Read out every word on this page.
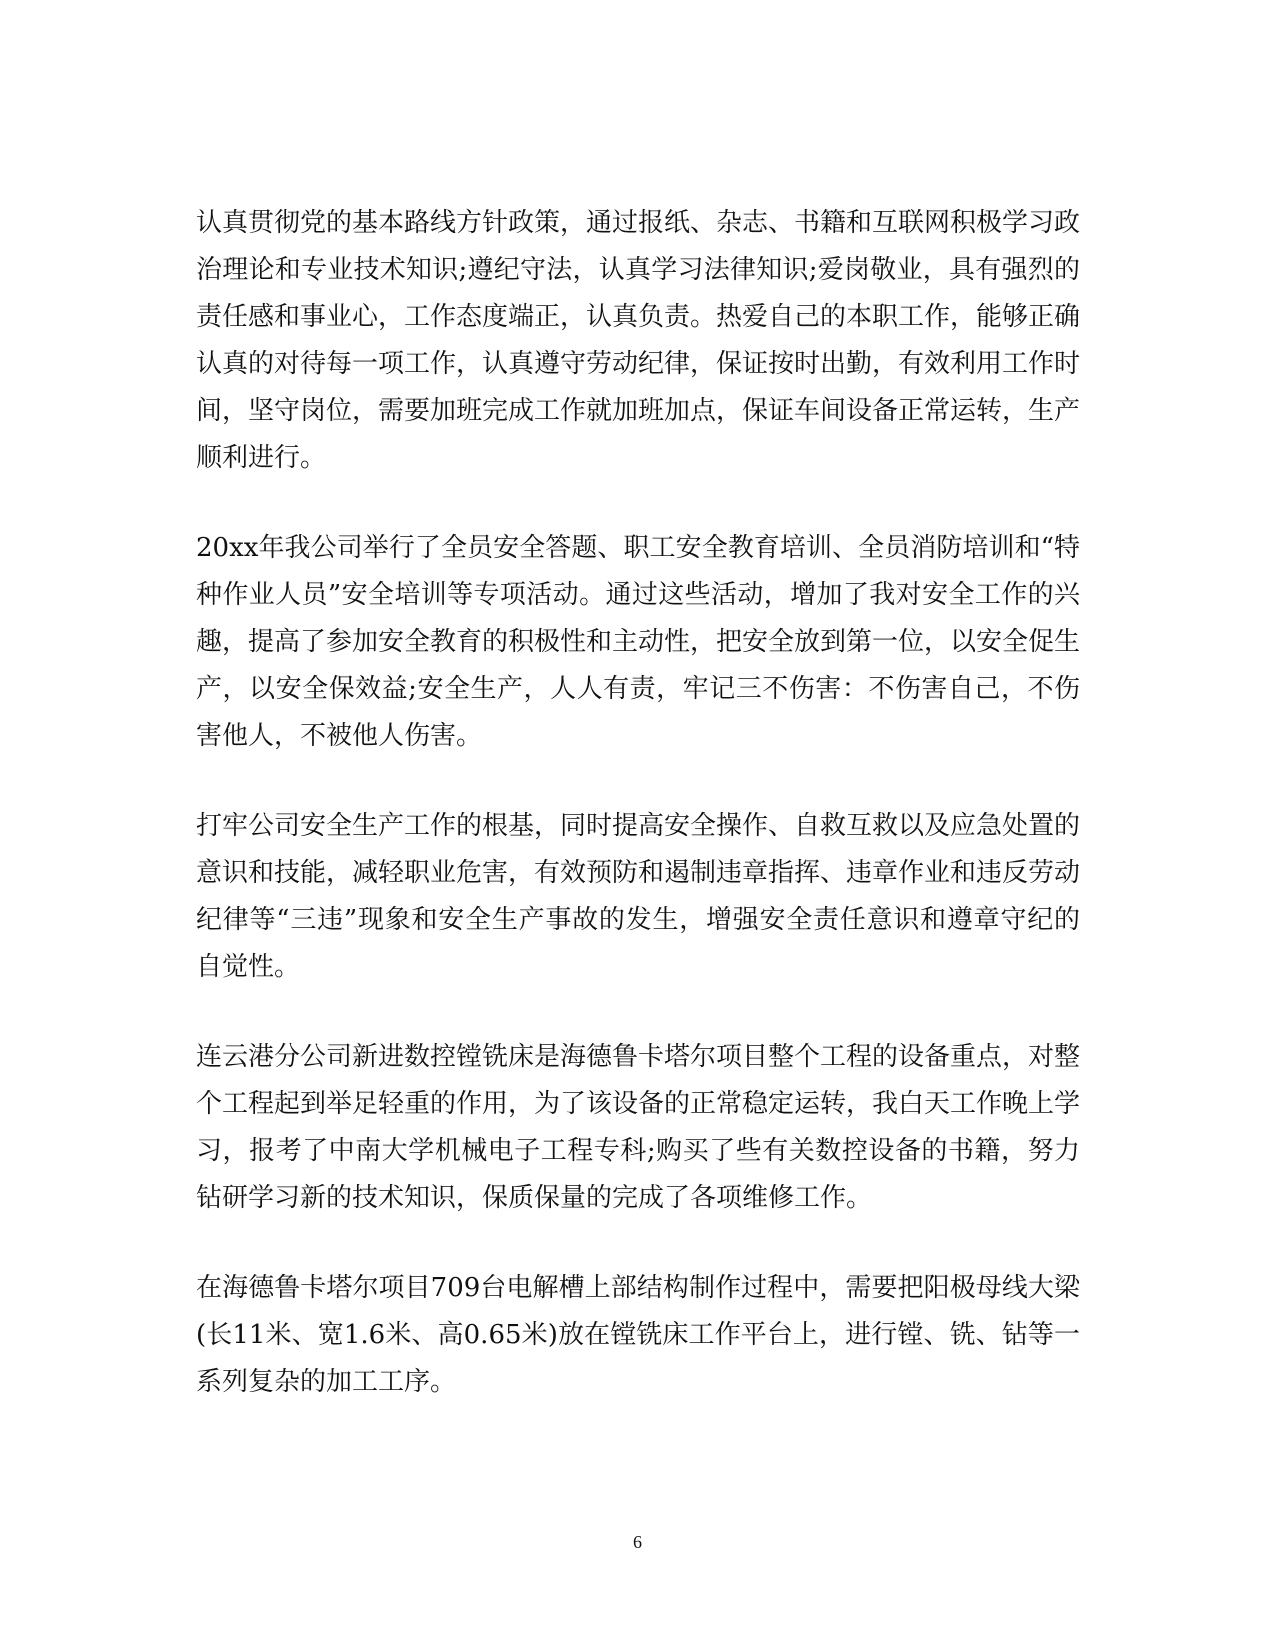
认真贯彻党的基本路线方针政策，通过报纸、杂志、书籍和互联网积极学习政治理论和专业技术知识;遵纪守法，认真学习法律知识;爱岗敬业，具有强烈的责任感和事业心，工作态度端正，认真负责。热爱自己的本职工作，能够正确认真的对待每一项工作，认真遵守劳动纪律，保证按时出勤，有效利用工作时间，坚守岗位，需要加班完成工作就加班加点，保证车间设备正常运转，生产顺利进行。

20xx年我公司举行了全员安全答题、职工安全教育培训、全员消防培训和“特种作业人员”安全培训等专项活动。通过这些活动，增加了我对安全工作的兴趣，提高了参加安全教育的积极性和主动性，把安全放到第一位，以安全促生产，以安全保效益;安全生产，人人有责，牢记三不伤害：不伤害自己，不伤害他人，不被他人伤害。

打牢公司安全生产工作的根基，同时提高安全操作、自救互救以及应急处置的意识和技能，减轻职业危害，有效预防和遏制违章指挥、违章作业和违反劳动纪律等“三违”现象和安全生产事故的发生，增强安全责任意识和遵章守纪的自觉性。

连云港分公司新进数控镗铣床是海德鲁卡塔尔项目整个工程的设备重点，对整个工程起到举足轻重的作用，为了该设备的正常稳定运转，我白天工作晚上学习，报考了中南大学机械电子工程专科;购买了些有关数控设备的书籍，努力钻研学习新的技术知识，保质保量的完成了各项维修工作。

在海德鲁卡塔尔项目709台电解槽上部结构制作过程中，需要把阳极母线大梁(长11米、宽1.6米、高0.65米)放在镗铣床工作平台上，进行镗、铣、钻等一系列复杂的加工工序。

6
